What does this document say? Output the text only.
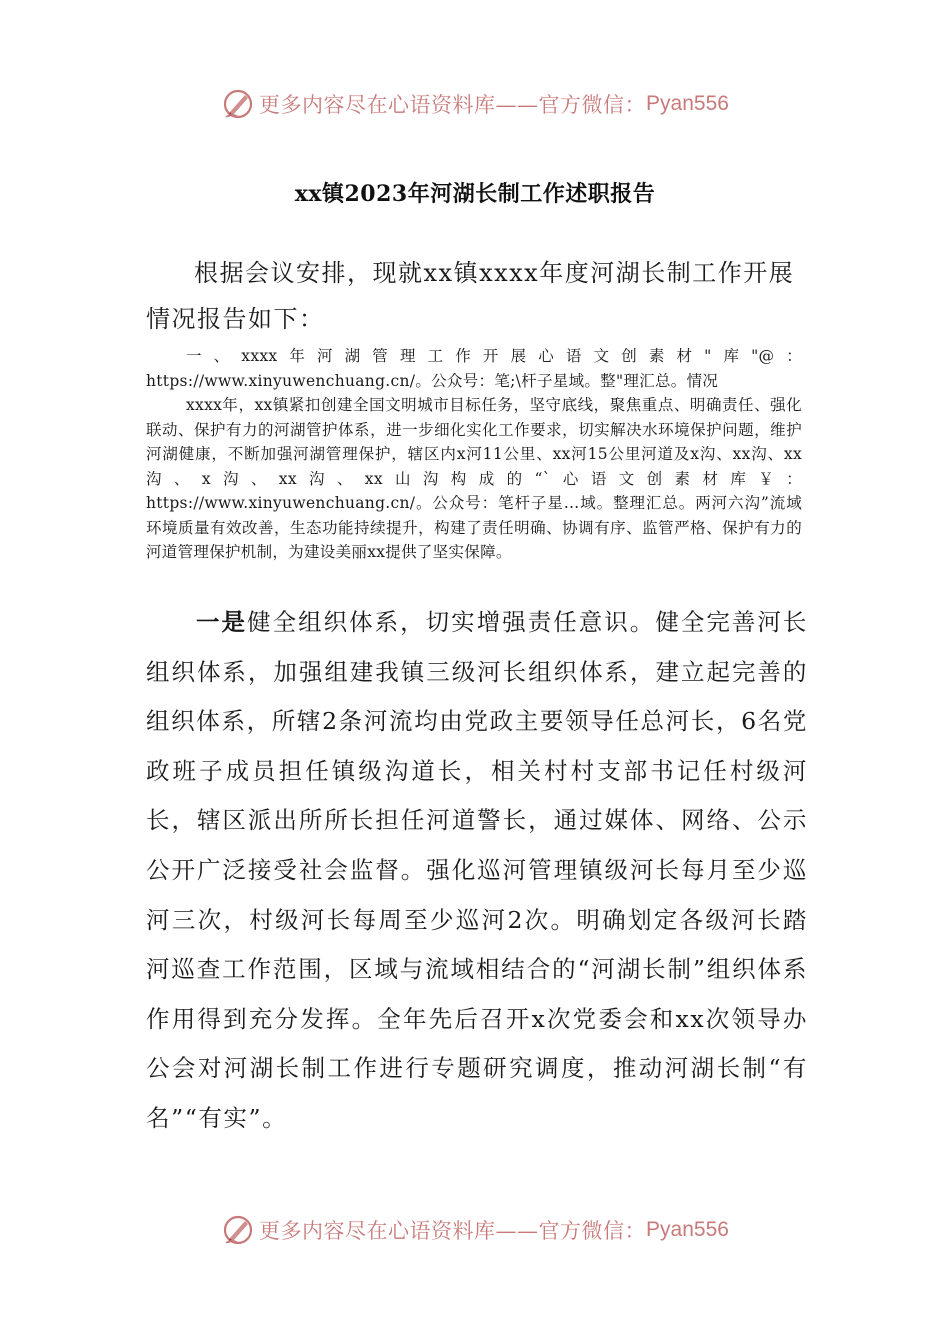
更多内容尽在心语资料库——官方微信： Pyan556
xx镇2023年河湖长制工作述职报告

根据会议安排，现就xx镇xxxx年度河湖长制工作开展情况报告如下：

一、xxxx年河湖管理工作开展心语文创素材"库"@：https://www.xinyuwenchuang.cn/。公众号：笔;\杆子星域。整"理汇总。情况

xxxx年，xx镇紧扣创建全国文明城市目标任务，坚守底线，聚焦重点、明确责任、强化联动、保护有力的河湖管护体系，进一步细化实化工作要求，切实解决水环境保护问题，维护河湖健康，不断加强河湖管理保护，辖区内x河11公里、xx河15公里河道及x沟、xx沟、xx沟、x沟、xx沟、xx山沟构成的“`心语文创素材库￥：https://www.xinyuwenchuang.cn/。公众号：笔杆子星…域。整理汇总。两河六沟”流域环境质量有效改善，生态功能持续提升，构建了责任明确、协调有序、监管严格、保护有力的河道管理保护机制，为建设美丽xx提供了坚实保障。

一是健全组织体系，切实增强责任意识。健全完善河长组织体系，加强组建我镇三级河长组织体系，建立起完善的组织体系，所辖2条河流均由党政主要领导任总河长，6名党政班子成员担任镇级沟道长，相关村村支部书记任村级河长，辖区派出所所长担任河道警长，通过媒体、网络、公示公开广泛接受社会监督。强化巡河管理镇级河长每月至少巡河三次，村级河长每周至少巡河2次。明确划定各级河长踏河巡查工作范围，区域与流域相结合的“河湖长制”组织体系作用得到充分发挥。全年先后召开x次党委会和xx次领导办公会对河湖长制工作进行专题研究调度，推动河湖长制“有名”“有实”。

更多内容尽在心语资料库——官方微信： Pyan556
